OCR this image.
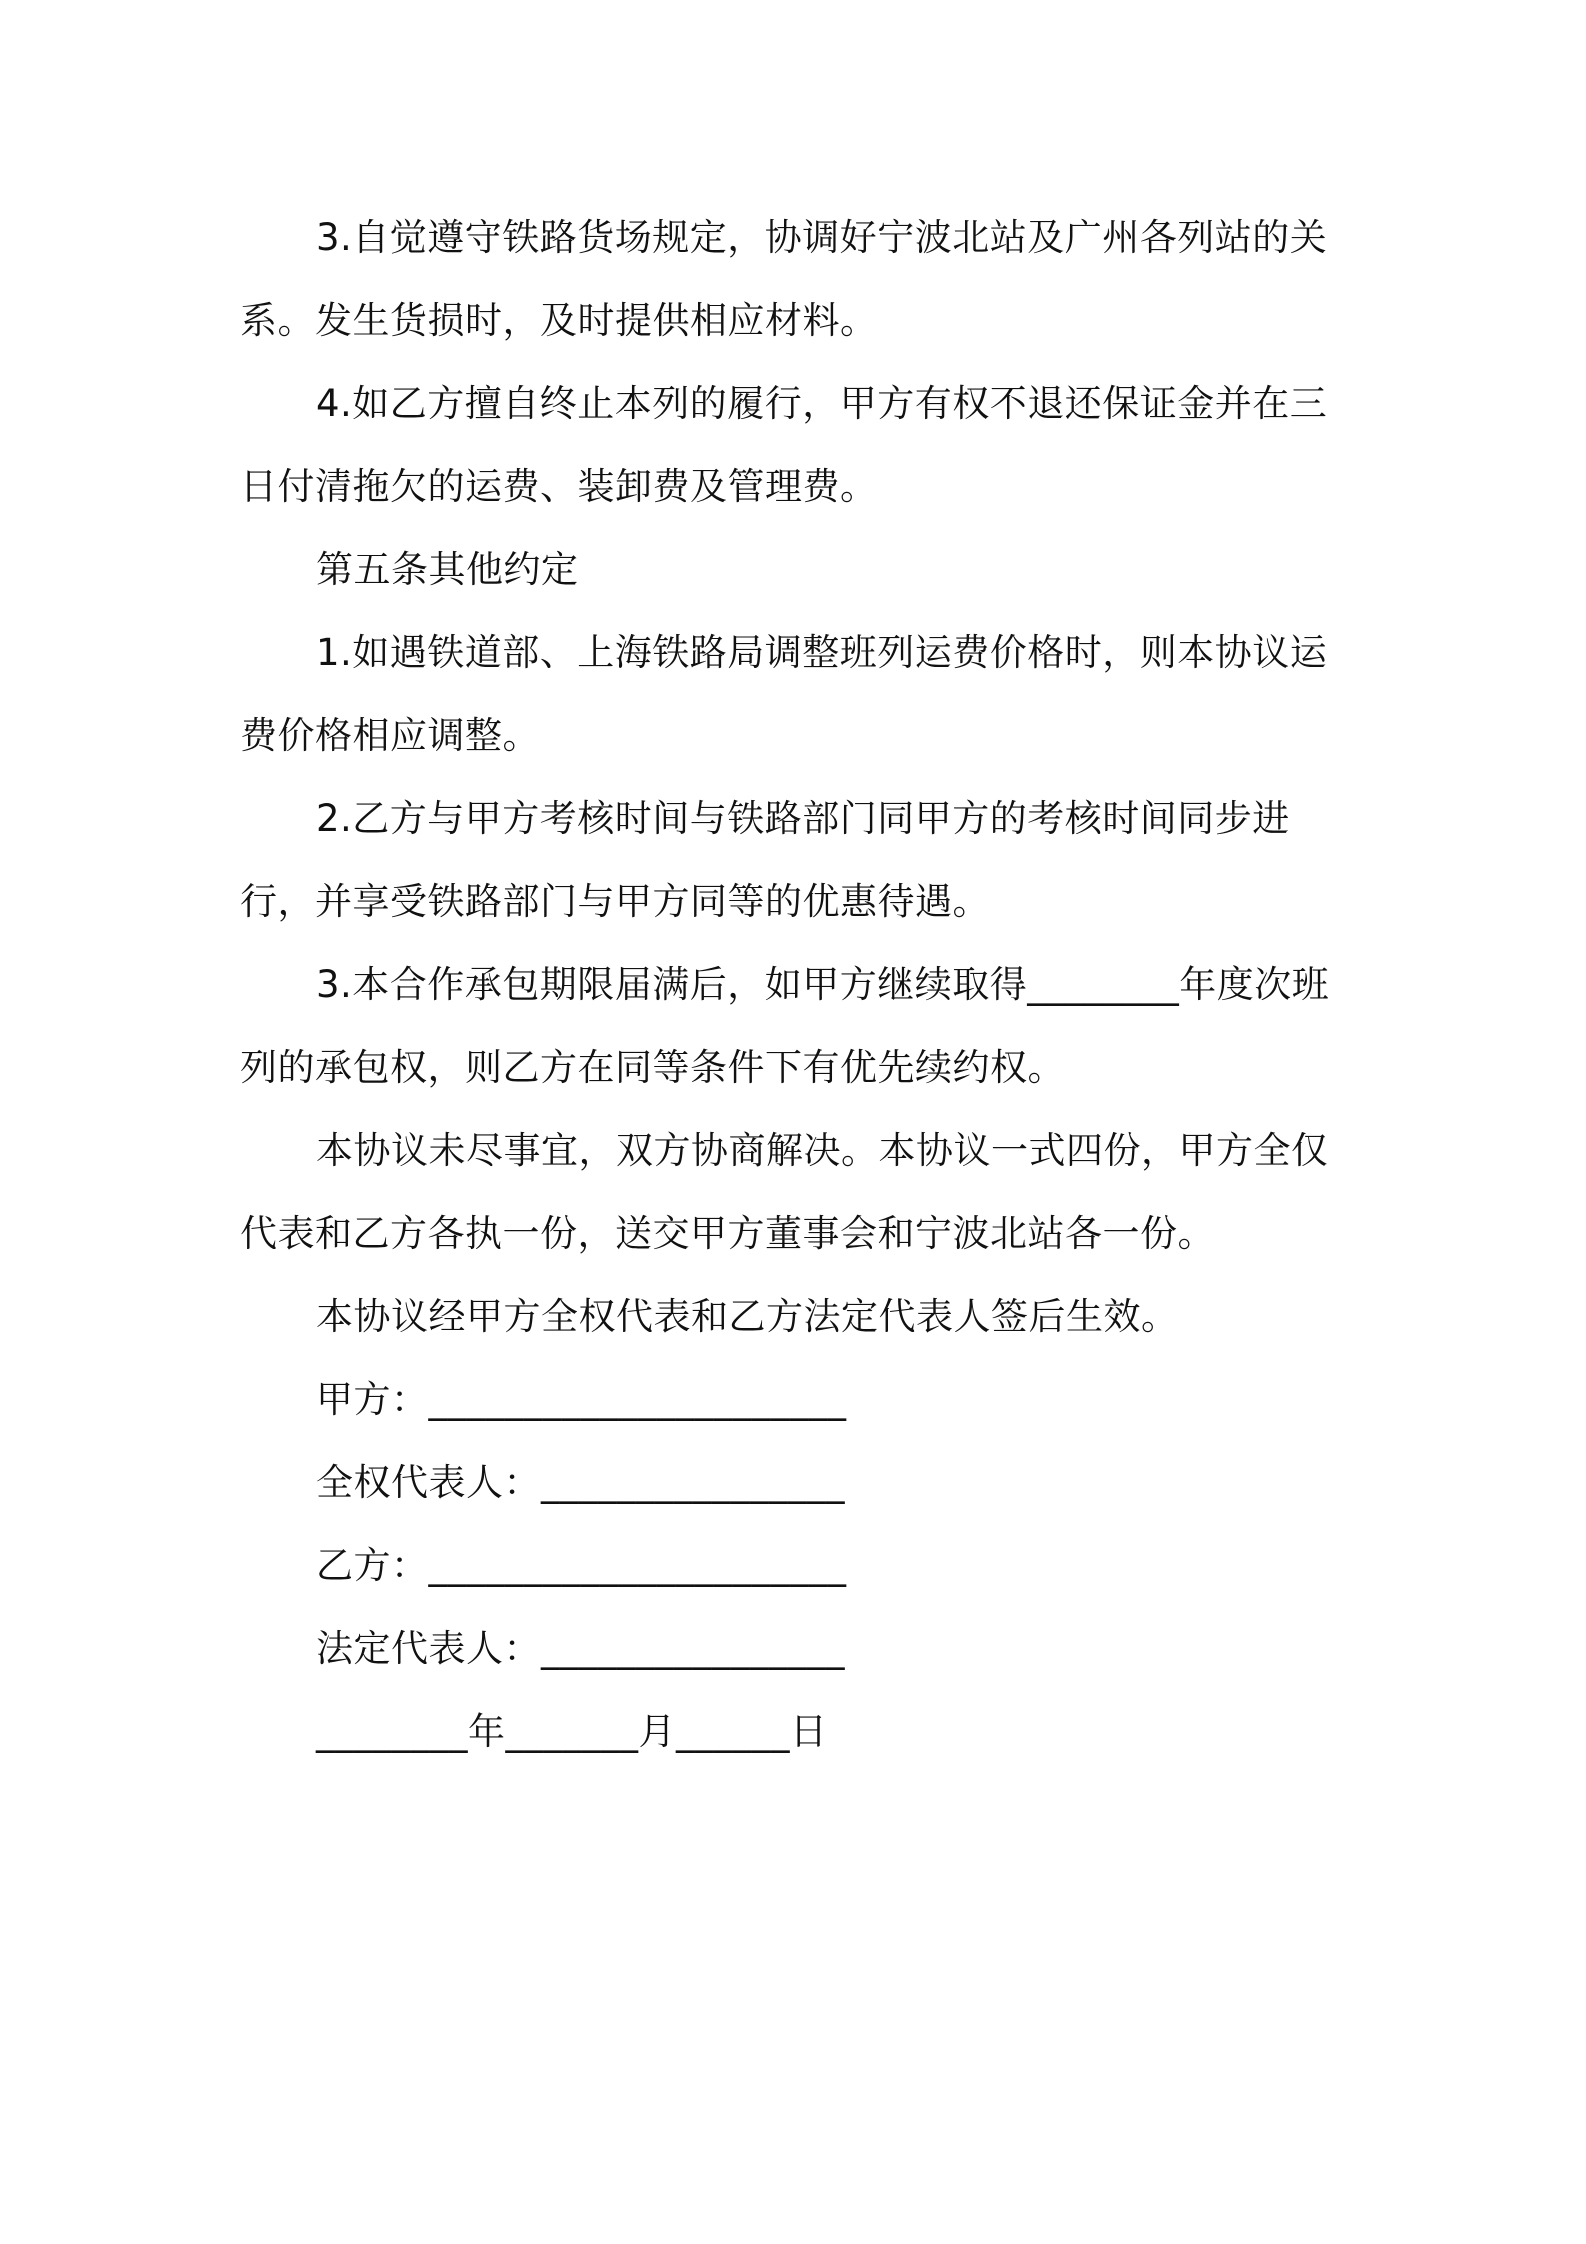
3.自觉遵守铁路货场规定，协调好宁波北站及广州各列站的关系。发生货损时，及时提供相应材料。

4.如乙方擅自终止本列的履行，甲方有权不退还保证金并在三日付清拖欠的运费、装卸费及管理费。

第五条其他约定

1.如遇铁道部、上海铁路局调整班列运费价格时，则本协议运费价格相应调整。

2.乙方与甲方考核时间与铁路部门同甲方的考核时间同步进行，并享受铁路部门与甲方同等的优惠待遇。

3.本合作承包期限届满后，如甲方继续取得________年度次班列的承包权，则乙方在同等条件下有优先续约权。

本协议未尽事宜，双方协商解决。本协议一式四份，甲方全仅代表和乙方各执一份，送交甲方董事会和宁波北站各一份。

本协议经甲方全权代表和乙方法定代表人签后生效。

甲方：______________________

全权代表人：________________

乙方：______________________

法定代表人：________________

________年_______月______日
